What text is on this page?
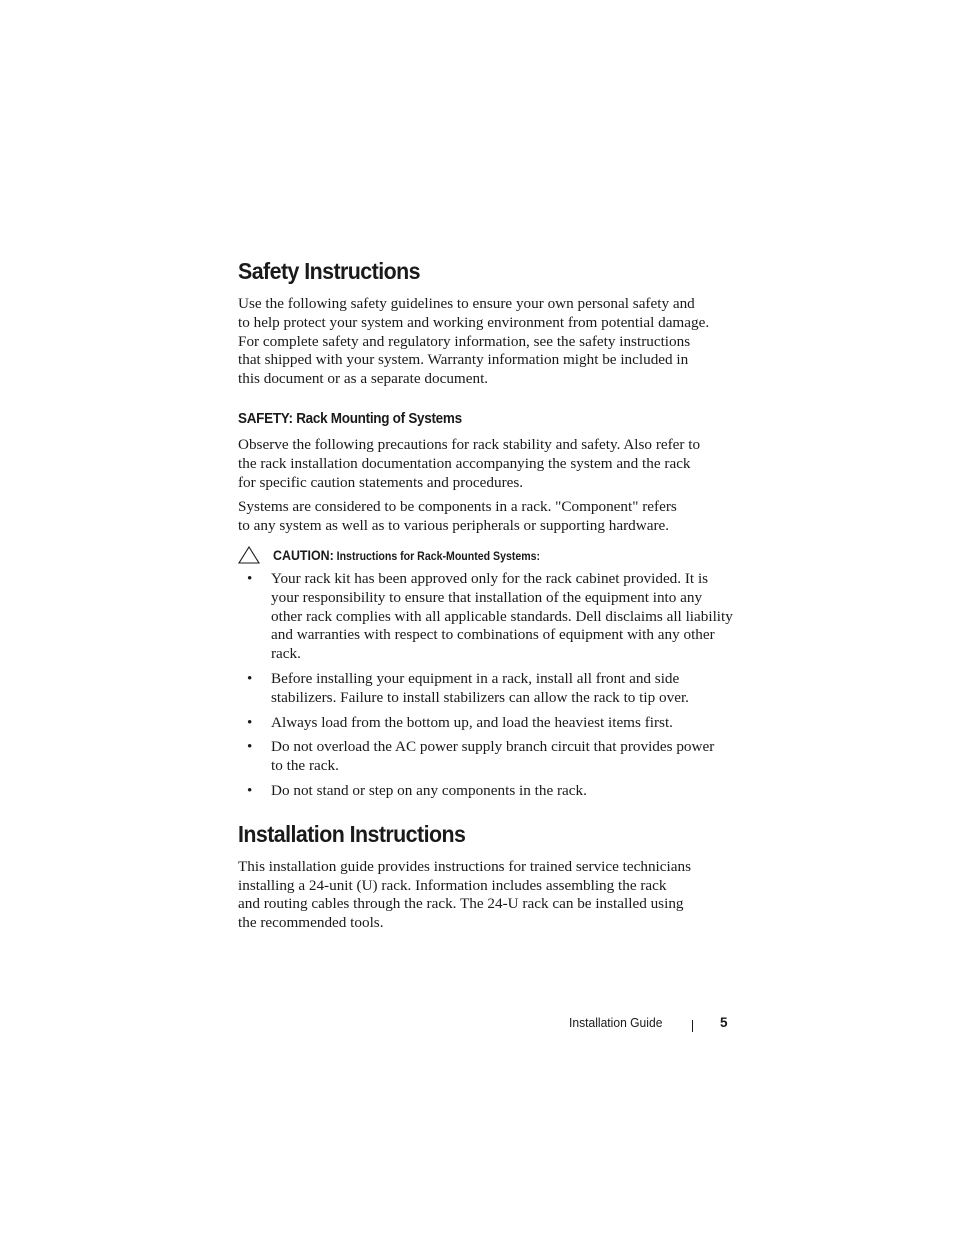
Safety Instructions
Use the following safety guidelines to ensure your own personal safety and
to help protect your system and working environment from potential damage.
For complete safety and regulatory information, see the safety instructions
that shipped with your system. Warranty information might be included in
this document or as a separate document.
SAFETY: Rack Mounting of Systems
Observe the following precautions for rack stability and safety. Also refer to
the rack installation documentation accompanying the system and the rack
for specific caution statements and procedures.
Systems are considered to be components in a rack. "Component" refers
to any system as well as to various peripherals or supporting hardware.
CAUTION: Instructions for Rack-Mounted Systems:
• Your rack kit has been approved only for the rack cabinet provided. It is
your responsibility to ensure that installation of the equipment into any
other rack complies with all applicable standards. Dell disclaims all liability
and warranties with respect to combinations of equipment with any other
rack.
• Before installing your equipment in a rack, install all front and side
stabilizers. Failure to install stabilizers can allow the rack to tip over.
• Always load from the bottom up, and load the heaviest items first.
• Do not overload the AC power supply branch circuit that provides power
to the rack.
• Do not stand or step on any components in the rack.
Installation Instructions
This installation guide provides instructions for trained service technicians
installing a 24-unit (U) rack. Information includes assembling the rack
and routing cables through the rack. The 24-U rack can be installed using
the recommended tools.
Installation Guide	5
